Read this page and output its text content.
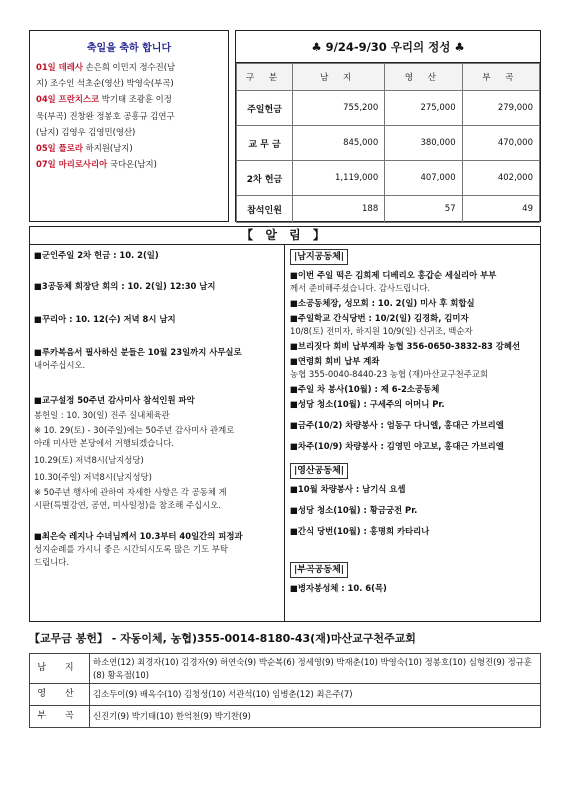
축일을 축하 합니다
01일 데레사 손은희 이민지 정수진(남
지) 조수인 석초순(영산) 박영숙(부곡)
04일 프란치스코 박기태 조광훈 이정
욱(부곡) 진창완 정봉호 공흥규 김연구
(남지) 김영우 김영민(영산)
05일 플로라 하지원(남지)
07일 마리로사리아 국다온(남지)
♣ 9/24-9/30 우리의 정성 ♣
구 분	남 지	영 산	부 곡
주일헌금	755,200	275,000	279,000
교 무 금	845,000	380,000	470,000
2차 헌금	1,119,000	407,000	402,000
참석인원	188	57	49
【 알 림 】
■ 군인주일 2차 헌금 : 10. 2(일)
■ 3공동체 회장단 회의 : 10. 2(일) 12:30 남지
■ 꾸리아 : 10. 12(수) 저녁 8시 남지
■ 루카복음서 필사하신 분들은 10월 23일까지 사무실로
내어주십시오.
■ 교구설정 50주년 감사미사 참석인원 파악
봉헌일 : 10. 30(일) 진주 실내체육관
※ 10. 29(토) - 30(주일)에는 50주년 감사미사 관계로
아래 미사만 본당에서 거행되겠습니다.
10.29(토) 저녁8시(남지성당)
10.30(주일) 저녁8시(남지성당)
※ 50주년 행사에 관하여 자세한 사항은 각 공동체 게
시판(특별강연, 공연, 미사일정)을 참조해 주십시오.
■ 최은숙 레지나 수녀님께서 10.3부터 40일간의 피정과
성지순례를 가시니 좋은 시간되시도록 많은 기도 부탁
드립니다.
|남지공동체|
■ 이번 주일 떡은 김희제 디베리오 홍갑순 세실리아 부부
께서 준비해주셨습니다. 감사드립니다.
■ 소공동체장, 성모회 : 10. 2(일) 미사 후 회합실
■ 주일학교 간식당번 : 10/2(일) 김경화, 김미자
10/8(토) 전미자, 하지원 10/9(일) 신귀조, 백순자
■ 브리짓다 회비 납부계좌 농협 356-0650-3832-83 강혜선
■ 연령회 회비 납부 계좌
농협 355-0040-8440-23 농협 (재)마산교구천주교회
■ 주일 차 봉사(10월) : 제 6-2소공동체
■ 성당 청소(10월) : 구세주의 어머니 Pr.
■ 금주(10/2) 차량봉사 : 엄동구 다니엘, 홍대근 가브리엘
■ 차주(10/9) 차량봉사 : 김영민 야고보, 홍대근 가브리엘
|영산공동체|
■ 10월 차량봉사 : 남기식 요셉
■ 성당 청소(10월) : 황금궁전 Pr.
■ 간식 당번(10월) : 홍명희 카타리나
|부곡공동체|
■ 병자봉성체 : 10. 6(목)
【교무금 봉헌】 - 자동이체, 농협)355-0014-8180-43(재)마산교구천주교회
남 지	하소연(12) 최경자(10) 김경자(9) 허연숙(9) 박순복(6) 정세영(9) 박재춘(10) 박영숙(10) 정봉호(10) 심형진(9) 정규훈(8) 황옥점(10)
영 산	김소두이(9) 배옥수(10) 김청성(10) 서관석(10) 임병춘(12) 최은주(7)
부 곡	신진기(9) 박기태(10) 한억천(9) 박기찬(9)
